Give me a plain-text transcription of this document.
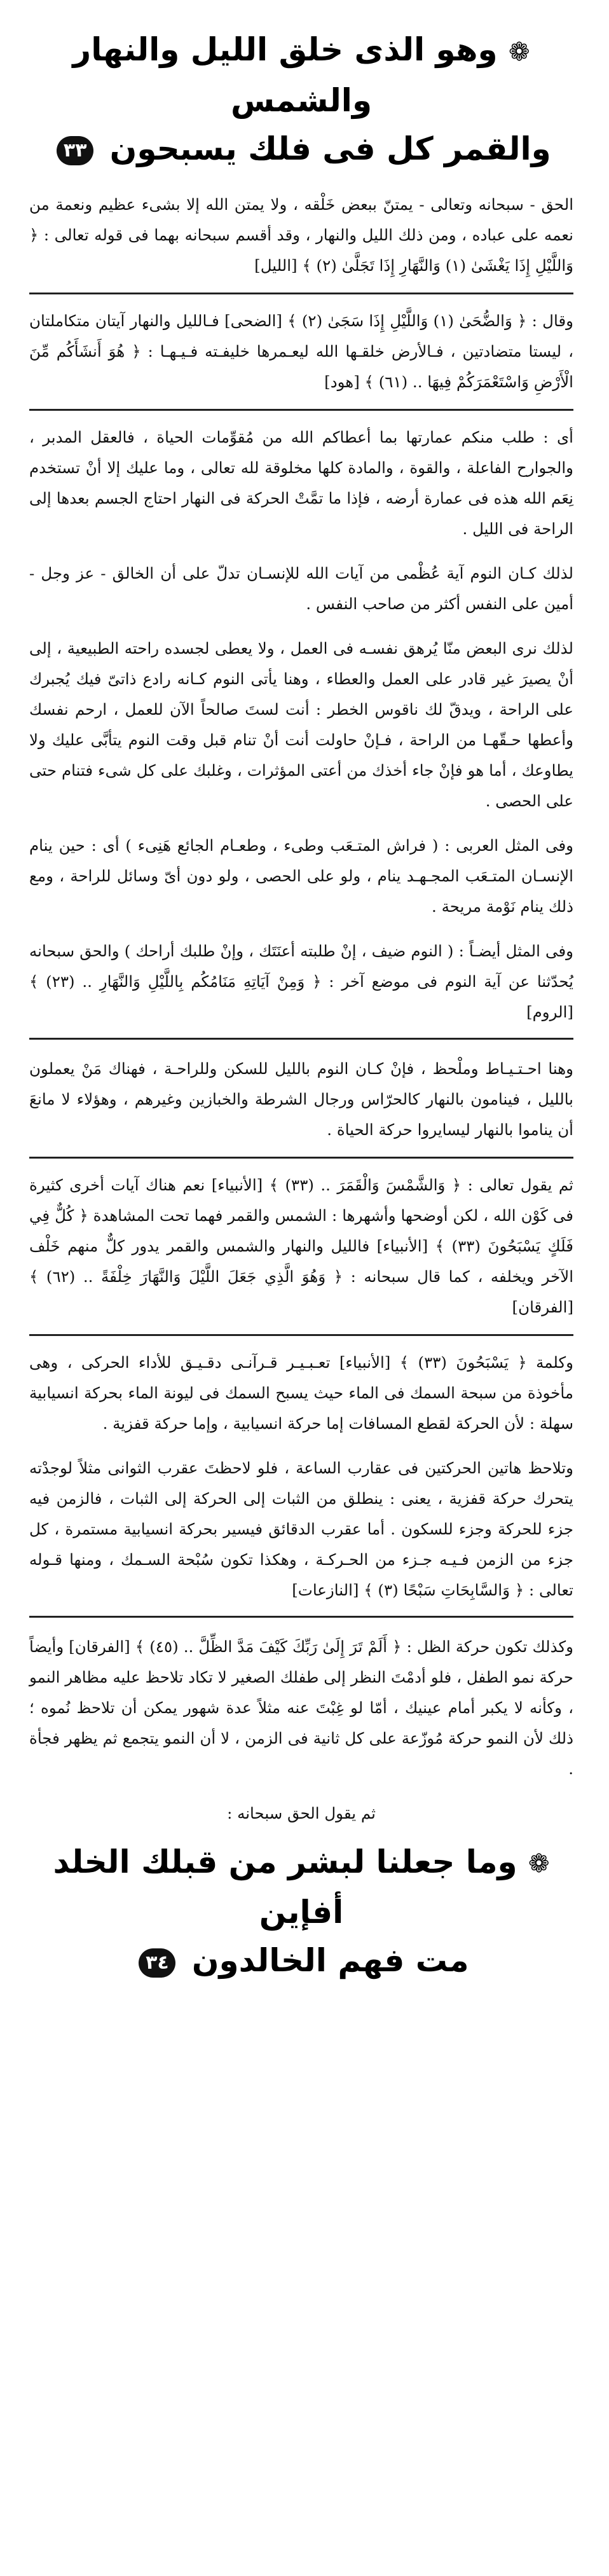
❁ وهو الذى خلق الليل والنهار والشمس
والقمر كل فى فلك يسبحون ٣٣

الحق - سبحانه وتعالى - يمتنّ ببعض خَلْقه ، ولا يمتن الله إلا بشىء عظيم ونعمة من نعمه على عباده ، ومن ذلك الليل والنهار ، وقد أقسم سبحانه بهما فى قوله تعالى : ﴿ وَاللَّيْلِ إِذَا يَغْشَىٰ (١) وَالنَّهَارِ إِذَا تَجَلَّىٰ (٢) ﴾ [الليل]

وقال : ﴿ وَالضُّحَىٰ (١) وَاللَّيْلِ إِذَا سَجَىٰ (٢) ﴾ [الضحى] فـالليل والنهار آيتان متكاملتان ، ليستا متضادتين ، فـالأرض خلقـها الله ليعـمرها خليفـته فـيـهـا : ﴿ هُوَ أَنشَأَكُم مِّنَ الْأَرْضِ وَاسْتَعْمَرَكُمْ فِيهَا .. (٦١) ﴾ [هود]

أى : طلب منكم عمارتها بما أعطاكم الله من مُقوِّمات الحياة ، فالعقل المدبر ، والجوارح الفاعلة ، والقوة ، والمادة كلها مخلوقة لله تعالى ، وما عليك إلا أنْ تستخدم نِعَم الله هذه فى عمارة أرضه ، فإذا ما تمَّتْ الحركة فى النهار احتاج الجسم بعدها إلى الراحة فى الليل .

لذلك كـان النوم آية عُظْمى من آيات الله للإنسـان تدلّ على أن الخالق - عز وجل - أمين على النفس أكثر من صاحب النفس .

لذلك نرى البعض منّا يُرهق نفسـه فى العمل ، ولا يعطى لجسده راحته الطبيعية ، إلى أنْ يصيرَ غير قادر على العمل والعطاء ، وهنا يأتى النوم كـانه رادع ذاتىّ فيك يُجبرك على الراحة ، ويدقّ لك ناقوس الخطر : أنت لستَ صالحاً الآن للعمل ، ارحم نفسك وأعطها حـقّهـا من الراحة ، فـإنْ حاولت أنت أنْ تنام قبل وقت النوم يتأبَّى عليك ولا يطاوعك ، أما هو فإنْ جاء أخذك من أعتى المؤثرات ، وغلبك على كل شىء فتنام حتى على الحصى .

وفى المثل العربى : ( فراش المتـعَب وطىء ، وطعـام الجائع هَنِىء ) أى : حين ينام الإنسـان المتـعَب المجـهـد ينام ، ولو على الحصى ، ولو دون أىّ وسائل للراحة ، ومع ذلك ينام نَوْمة مريحة .

وفى المثل أيضـاً : ( النوم ضيف ، إنْ طلبته أعنَتَك ، وإنْ طلبك أراحك ) والحق سبحانه يُحدّثنا عن آية النوم فى موضع آخر : ﴿ وَمِنْ آيَاتِهِ مَنَامُكُم بِاللَّيْلِ وَالنَّهَارِ .. (٢٣) ﴾ [الروم]

وهنا احـتـيـاط وملْحظ ، فإنْ كـان النوم بالليل للسكن وللراحـة ، فهناك مَنْ يعملون بالليل ، فينامون بالنهار كالحرّاس ورجال الشرطة والخبازين وغيرهم ، وهؤلاء لا مانعَ أن يناموا بالنهار ليسايروا حركة الحياة .

ثم يقول تعالى : ﴿ وَالشَّمْسَ وَالْقَمَرَ .. (٣٣) ﴾ [الأنبياء] نعم هناك آيات أخرى كثيرة فى كَوْن الله ، لكن أوضحها وأشهرها : الشمس والقمر فهما تحت المشاهدة ﴿ كُلٌّ فِي فَلَكٍ يَسْبَحُونَ (٣٣) ﴾ [الأنبياء] فالليل والنهار والشمس والقمر يدور كلٌّ منهم خَلْف الآخر ويخلفه ، كما قال سبحانه : ﴿ وَهُوَ الَّذِي جَعَلَ اللَّيْلَ وَالنَّهَارَ خِلْفَةً .. (٦٢) ﴾ [الفرقان]

وكلمة ﴿ يَسْبَحُونَ (٣٣) ﴾ [الأنبياء] تعـبـيـر قـرآنـى دقـيـق للأداء الحركى ، وهى مأخوذة من سبحة السمك فى الماء حيث يسبح السمك فى ليونة الماء بحركة انسيابية سهلة : لأن الحركة لقطع المسافات إما حركة انسيابية ، وإما حركة قفزية .

وتلاحظ هاتين الحركتين فى عقارب الساعة ، فلو لاحظتَ عقرب الثوانى مثلاً لوجدْته يتحرك حركة قفزية ، يعنى : ينطلق من الثبات إلى الحركة إلى الثبات ، فالزمن فيه جزء للحركة وجزء للسكون . أما عقرب الدقائق فيسير بحركة انسيابية مستمرة ، كل جزء من الزمن فـيـه جـزء من الحـركـة ، وهكذا تكون سُبْحة السـمك ، ومنها قـوله تعالى : ﴿ وَالسَّابِحَاتِ سَبْحًا (٣) ﴾ [النازعات]

وكذلك تكون حركة الظل : ﴿ أَلَمْ تَرَ إِلَىٰ رَبِّكَ كَيْفَ مَدَّ الظِّلَّ .. (٤٥) ﴾ [الفرقان] وأيضاً حركة نمو الطفل ، فلو أدمْتَ النظر إلى طفلك الصغير لا تكاد تلاحظ عليه مظاهر النمو ، وكأنه لا يكبر أمام عينيك ، أمّا لو غِبْتَ عنه مثلاً عدة شهور يمكن أن تلاحظ نُموه ؛ ذلك لأن النمو حركة مُوزّعة على كل ثانية فى الزمن ، لا أن النمو يتجمع ثم يظهر فجأة .

ثم يقول الحق سبحانه :

❁ وما جعلنا لبشر من قبلك الخلد أفإين
مت فهم الخالدون ٣٤
